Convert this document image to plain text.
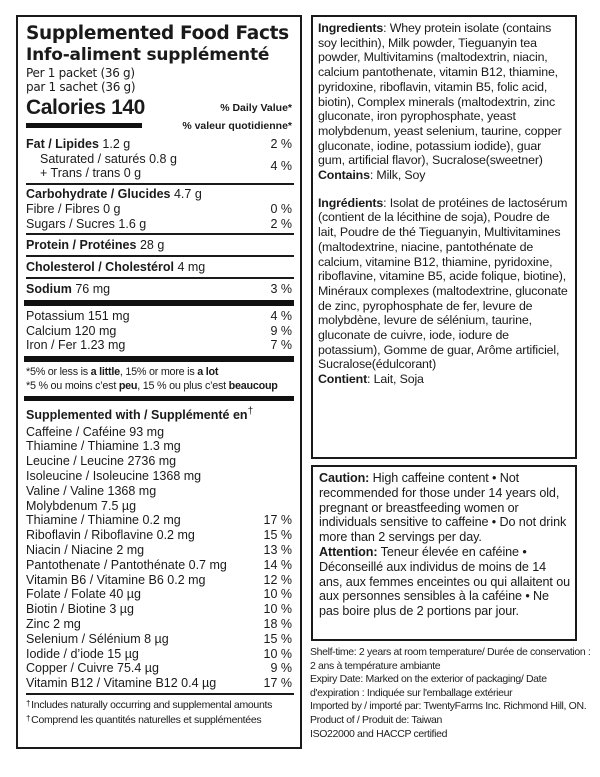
Supplemented Food Facts
Info-aliment supplémenté
Per 1 packet (36 g)
par 1 sachet (36 g)
Calories 140	% Daily Value*
% valeur quotidienne*
Fat / Lipides 1.2 g	2 %
Saturated / saturés 0.8 g
+ Trans / trans 0 g	4 %
Carbohydrate / Glucides 4.7 g
Fibre / Fibres 0 g	0 %
Sugars / Sucres 1.6 g	2 %
Protein / Protéines 28 g
Cholesterol / Cholestérol 4 mg
Sodium 76 mg	3 %
Potassium 151 mg	4 %
Calcium 120 mg	9 %
Iron / Fer 1.23 mg	7 %
*5% or less is a little, 15% or more is a lot
*5 % ou moins c’est peu, 15 % ou plus c’est beaucoup
Supplemented with / Supplémenté en†
Caffeine / Caféine 93 mg
Thiamine / Thiamine 1.3 mg
Leucine / Leucine 2736 mg
Isoleucine / Isoleucine 1368 mg
Valine / Valine 1368 mg
Molybdenum 7.5 µg
Thiamine / Thiamine 0.2 mg	17 %
Riboflavin / Riboflavine 0.2 mg	15 %
Niacin / Niacine 2 mg	13 %
Pantothenate / Pantothénate 0.7 mg	14 %
Vitamin B6 / Vitamine B6 0.2 mg	12 %
Folate / Folate 40 µg	10 %
Biotin / Biotine 3 µg	10 %
Zinc 2 mg	18 %
Selenium / Sélénium 8 µg	15 %
Iodide / d’iode 15 µg	10 %
Copper / Cuivre 75.4 µg	9 %
Vitamin B12 / Vitamine B12 0.4 µg	17 %
†Includes naturally occurring and supplemental amounts
†Comprend les quantités naturelles et supplémentées

Ingredients: Whey protein isolate (contains soy lecithin), Milk powder, Tieguanyin tea powder, Multivitamins (maltodextrin, niacin, calcium pantothenate, vitamin B12, thiamine, pyridoxine, riboflavin, vitamin B5, folic acid, biotin), Complex minerals (maltodextrin, zinc gluconate, iron pyrophosphate, yeast molybdenum, yeast selenium, taurine, copper gluconate, iodine, potassium iodide), guar gum, artificial flavor), Sucralose(sweetner)
Contains: Milk, Soy

Ingrédients: Isolat de protéines de lactosérum (contient de la lécithine de soja), Poudre de lait, Poudre de thé Tieguanyin, Multivitamines (maltodextrine, niacine, pantothénate de calcium, vitamine B12, thiamine, pyridoxine, riboflavine, vitamine B5, acide folique, biotine), Minéraux complexes (maltodextrine, gluconate de zinc, pyrophosphate de fer, levure de molybdène, levure de sélénium, taurine, gluconate de cuivre, iode, iodure de potassium), Gomme de guar, Arôme artificiel, Sucralose(édulcorant)
Contient: Lait, Soja

Caution: High caffeine content • Not recommended for those under 14 years old, pregnant or breastfeeding women or individuals sensitive to caffeine • Do not drink more than 2 servings per day.
Attention: Teneur élevée en caféine • Déconseillé aux individus de moins de 14 ans, aux femmes enceintes ou qui allaitent ou aux personnes sensibles à la caféine • Ne pas boire plus de 2 portions par jour.
Shelf-time: 2 years at room temperature/ Durée de conservation : 2 ans à température ambiante
Expiry Date: Marked on the exterior of packaging/ Date d'expiration : Indiquée sur l'emballage extérieur
Imported by / importé par: TwentyFarms Inc. Richmond Hill, ON.
Product of / Produit de: Taiwan
ISO22000 and HACCP certified
